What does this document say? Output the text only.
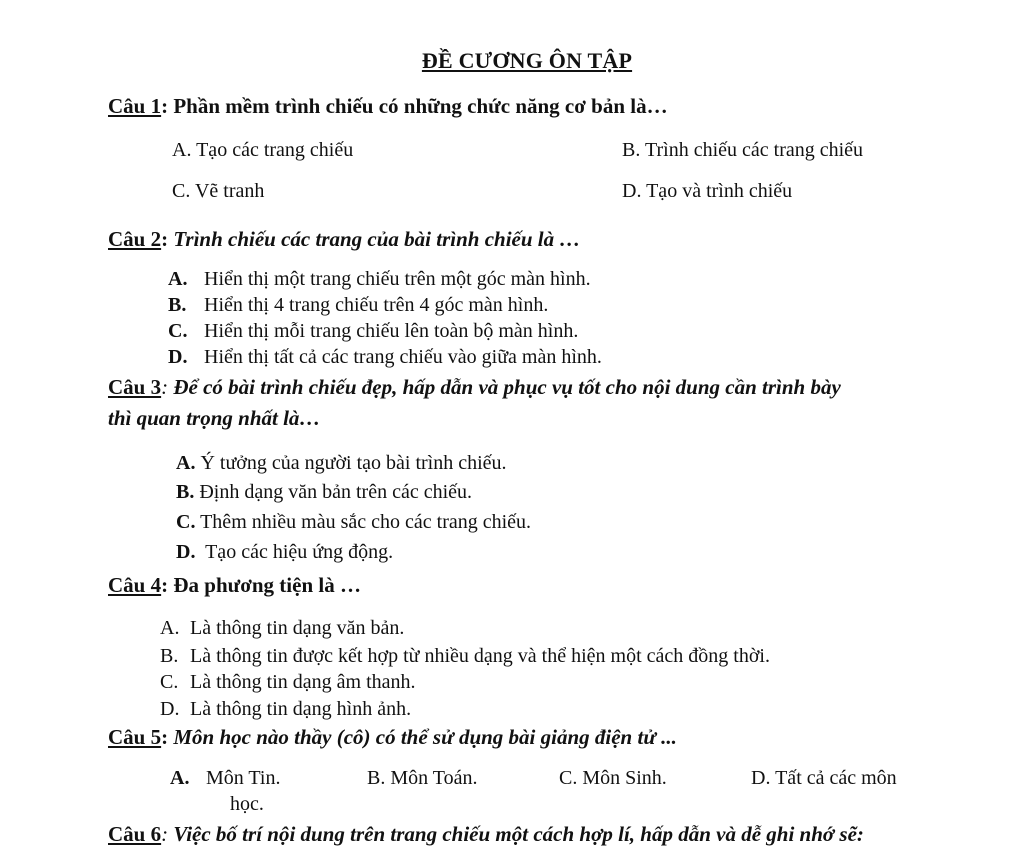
ĐỀ CƯƠNG ÔN TẬP
Câu 1: Phần mềm trình chiếu có những chức năng cơ bản là…
A. Tạo các trang chiếu	B. Trình chiếu các trang chiếu
C. Vẽ tranh	D. Tạo và trình chiếu
Câu 2: Trình chiếu các trang của bài trình chiếu là …
A. Hiển thị một trang chiếu trên một góc màn hình.
B. Hiển thị 4 trang chiếu trên 4 góc màn hình.
C. Hiển thị mỗi trang chiếu lên toàn bộ màn hình.
D. Hiển thị tất cả các trang chiếu vào giữa màn hình.
Câu 3: Để có bài trình chiếu đẹp, hấp dẫn và phục vụ tốt cho nội dung cần trình bày
thì quan trọng nhất là…
A. Ý tưởng của người tạo bài trình chiếu.
B. Định dạng văn bản trên các chiếu.
C. Thêm nhiều màu sắc cho các trang chiếu.
D. Tạo các hiệu ứng động.
Câu 4: Đa phương tiện là …
A. Là thông tin dạng văn bản.
B. Là thông tin được kết hợp từ nhiều dạng và thể hiện một cách đồng thời.
C. Là thông tin dạng âm thanh.
D. Là thông tin dạng hình ảnh.
Câu 5: Môn học nào thầy (cô) có thể sử dụng bài giảng điện tử ...
A. Môn Tin.	B. Môn Toán.	C. Môn Sinh.	D. Tất cả các môn
học.
Câu 6: Việc bố trí nội dung trên trang chiếu một cách hợp lí, hấp dẫn và dễ ghi nhớ sẽ:
